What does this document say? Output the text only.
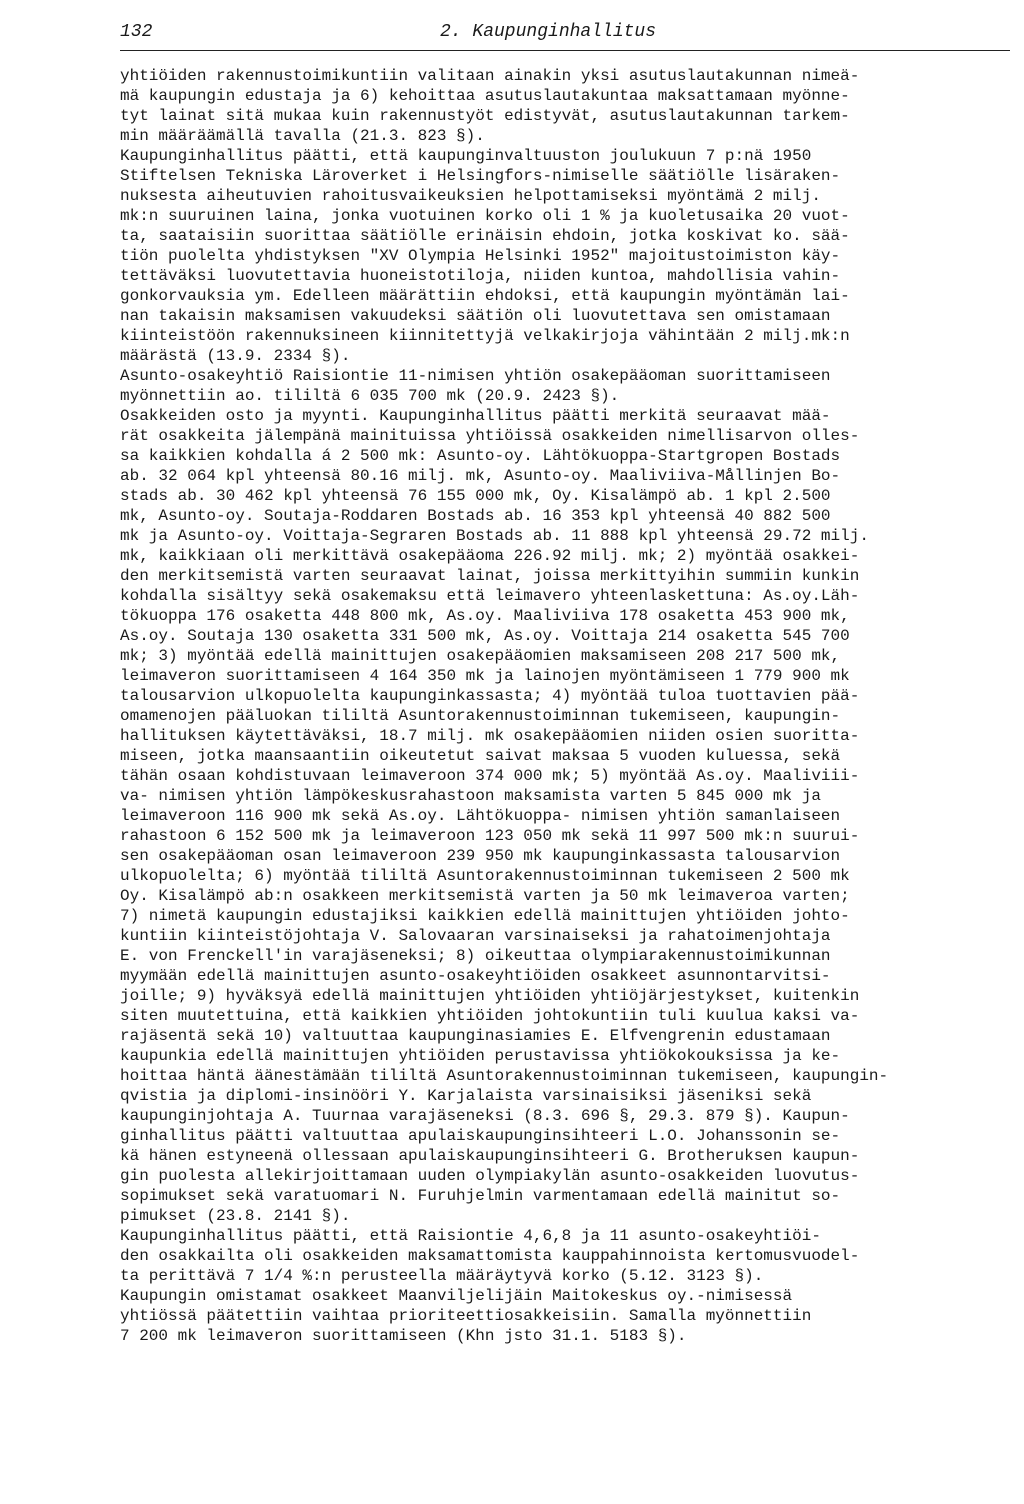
132	2. Kaupunginhallitus
yhtiöiden rakennustoimikuntiin valitaan ainakin yksi asutuslautakunnan nimeä-
mä kaupungin edustaja ja 6) kehoittaa asutuslautakuntaa maksattamaan myönne-
tyt lainat sitä mukaa kuin rakennustyöt edistyvät, asutuslautakunnan tarkem-
min määräämällä tavalla (21.3. 823 §).
Kaupunginhallitus päätti, että kaupunginvaltuuston joulukuun 7 p:nä 1950
Stiftelsen Tekniska Läroverket i Helsingfors-nimiselle säätiölle lisäraken-
nuksesta aiheutuvien rahoitusvaikeuksien helpottamiseksi myöntämä 2 milj.
mk:n suuruinen laina, jonka vuotuinen korko oli 1 % ja kuoletusaika 20 vuot-
ta, saataisiin suorittaa säätiölle erinäisin ehdoin, jotka koskivat ko. sää-
tiön puolelta yhdistyksen "XV Olympia Helsinki 1952" majoitustoimiston käy-
tettäväksi luovutettavia huoneistotiloja, niiden kuntoa, mahdollisia vahin-
gonkorvauksia ym. Edelleen määrättiin ehdoksi, että kaupungin myöntämän lai-
nan takaisin maksamisen vakuudeksi säätiön oli luovutettava sen omistamaan
kiinteistöön rakennuksineen kiinnitettyjä velkakirjoja vähintään 2 milj.mk:n
määrästä (13.9. 2334 §).
Asunto-osakeyhtiö Raisiontie 11-nimisen yhtiön osakepääoman suorittamiseen
myönnettiin ao. tililtä 6 035 700 mk (20.9. 2423 §).
Osakkeiden osto ja myynti. Kaupunginhallitus päätti merkitä seuraavat mää-
rät osakkeita jälempänä mainituissa yhtiöissä osakkeiden nimellisarvon olles-
sa kaikkien kohdalla á 2 500 mk: Asunto-oy. Lähtökuoppa-Startgropen Bostads
ab. 32 064 kpl yhteensä 80.16 milj. mk, Asunto-oy. Maaliviiva-Mållinjen Bo-
stads ab. 30 462 kpl yhteensä 76 155 000 mk, Oy. Kisalämpö ab. 1 kpl 2.500
mk, Asunto-oy. Soutaja-Roddaren Bostads ab. 16 353 kpl yhteensä 40 882 500
mk ja Asunto-oy. Voittaja-Segraren Bostads ab. 11 888 kpl yhteensä 29.72 milj.
mk, kaikkiaan oli merkittävä osakepääoma 226.92 milj. mk; 2) myöntää osakkei-
den merkitsemistä varten seuraavat lainat, joissa merkittyihin summiin kunkin
kohdalla sisältyy sekä osakemaksu että leimavero yhteenlaskettuna: As.oy.Läh-
tökuoppa 176 osaketta 448 800 mk, As.oy. Maaliviiva 178 osaketta 453 900 mk,
As.oy. Soutaja 130 osaketta 331 500 mk, As.oy. Voittaja 214 osaketta 545 700
mk; 3) myöntää edellä mainittujen osakepääomien maksamiseen 208 217 500 mk,
leimaveron suorittamiseen 4 164 350 mk ja lainojen myöntämiseen 1 779 900 mk
talousarvion ulkopuolelta kaupunginkassasta; 4) myöntää tuloa tuottavien pää-
omamenojen pääluokan tililtä Asuntorakennustoiminnan tukemiseen, kaupungin-
hallituksen käytettäväksi, 18.7 milj. mk osakepääomien niiden osien suoritta-
miseen, jotka maansaantiin oikeutetut saivat maksaa 5 vuoden kuluessa, sekä
tähän osaan kohdistuvaan leimaveroon 374 000 mk; 5) myöntää As.oy. Maaliviii-
va- nimisen yhtiön lämpökeskusrahastoon maksamista varten 5 845 000 mk ja
leimaveroon 116 900 mk sekä As.oy. Lähtökuoppa- nimisen yhtiön samanlaiseen
rahastoon 6 152 500 mk ja leimaveroon 123 050 mk sekä 11 997 500 mk:n suurui-
sen osakepääoman osan leimaveroon 239 950 mk kaupunginkassasta talousarvion
ulkopuolelta; 6) myöntää tililtä Asuntorakennustoiminnan tukemiseen 2 500 mk
Oy. Kisalämpö ab:n osakkeen merkitsemistä varten ja 50 mk leimaveroa varten;
7) nimetä kaupungin edustajiksi kaikkien edellä mainittujen yhtiöiden johto-
kuntiin kiinteistöjohtaja V. Salovaaran varsinaiseksi ja rahatoimenjohtaja
E. von Frenckell'in varajäseneksi; 8) oikeuttaa olympiarakennustoimikunnan
myymään edellä mainittujen asunto-osakeyhtiöiden osakkeet asunnontarvitsi-
joille; 9) hyväksyä edellä mainittujen yhtiöiden yhtiöjärjestykset, kuitenkin
siten muutettuina, että kaikkien yhtiöiden johtokuntiin tuli kuulua kaksi va-
rajäsentä sekä 10) valtuuttaa kaupunginasiamies E. Elfvengrenin edustamaan
kaupunkia edellä mainittujen yhtiöiden perustavissa yhtiökokouksissa ja ke-
hoittaa häntä äänestämään tililtä Asuntorakennustoiminnan tukemiseen, kaupungin-
qvistia ja diplomi-insinööri Y. Karjalaista varsinaisiksi jäseniksi sekä
kaupunginjohtaja A. Tuurnaa varajäseneksi (8.3. 696 §, 29.3. 879 §). Kaupun-
ginhallitus päätti valtuuttaa apulaiskaupunginsihteeri L.O. Johanssonin se-
kä hänen estyneenä ollessaan apulaiskaupunginsihteeri G. Brotheruksen kaupun-
gin puolesta allekirjoittamaan uuden olympiakylän asunto-osakkeiden luovutus-
sopimukset sekä varatuomari N. Furuhjelmin varmentamaan edellä mainitut so-
pimukset (23.8. 2141 §).
Kaupunginhallitus päätti, että Raisiontie 4,6,8 ja 11 asunto-osakeyhtiöi-
den osakkailta oli osakkeiden maksamattomista kauppahinnoista kertomusvuodel-
ta perittävä 7 1/4 %:n perusteella määräytyvä korko (5.12. 3123 §).
Kaupungin omistamat osakkeet Maanviljelijäin Maitokeskus oy.-nimisessä
yhtiössä päätettiin vaihtaa prioriteettiosakkeisiin. Samalla myönnettiin
7 200 mk leimaveron suorittamiseen (Khn jsto 31.1. 5183 §).
